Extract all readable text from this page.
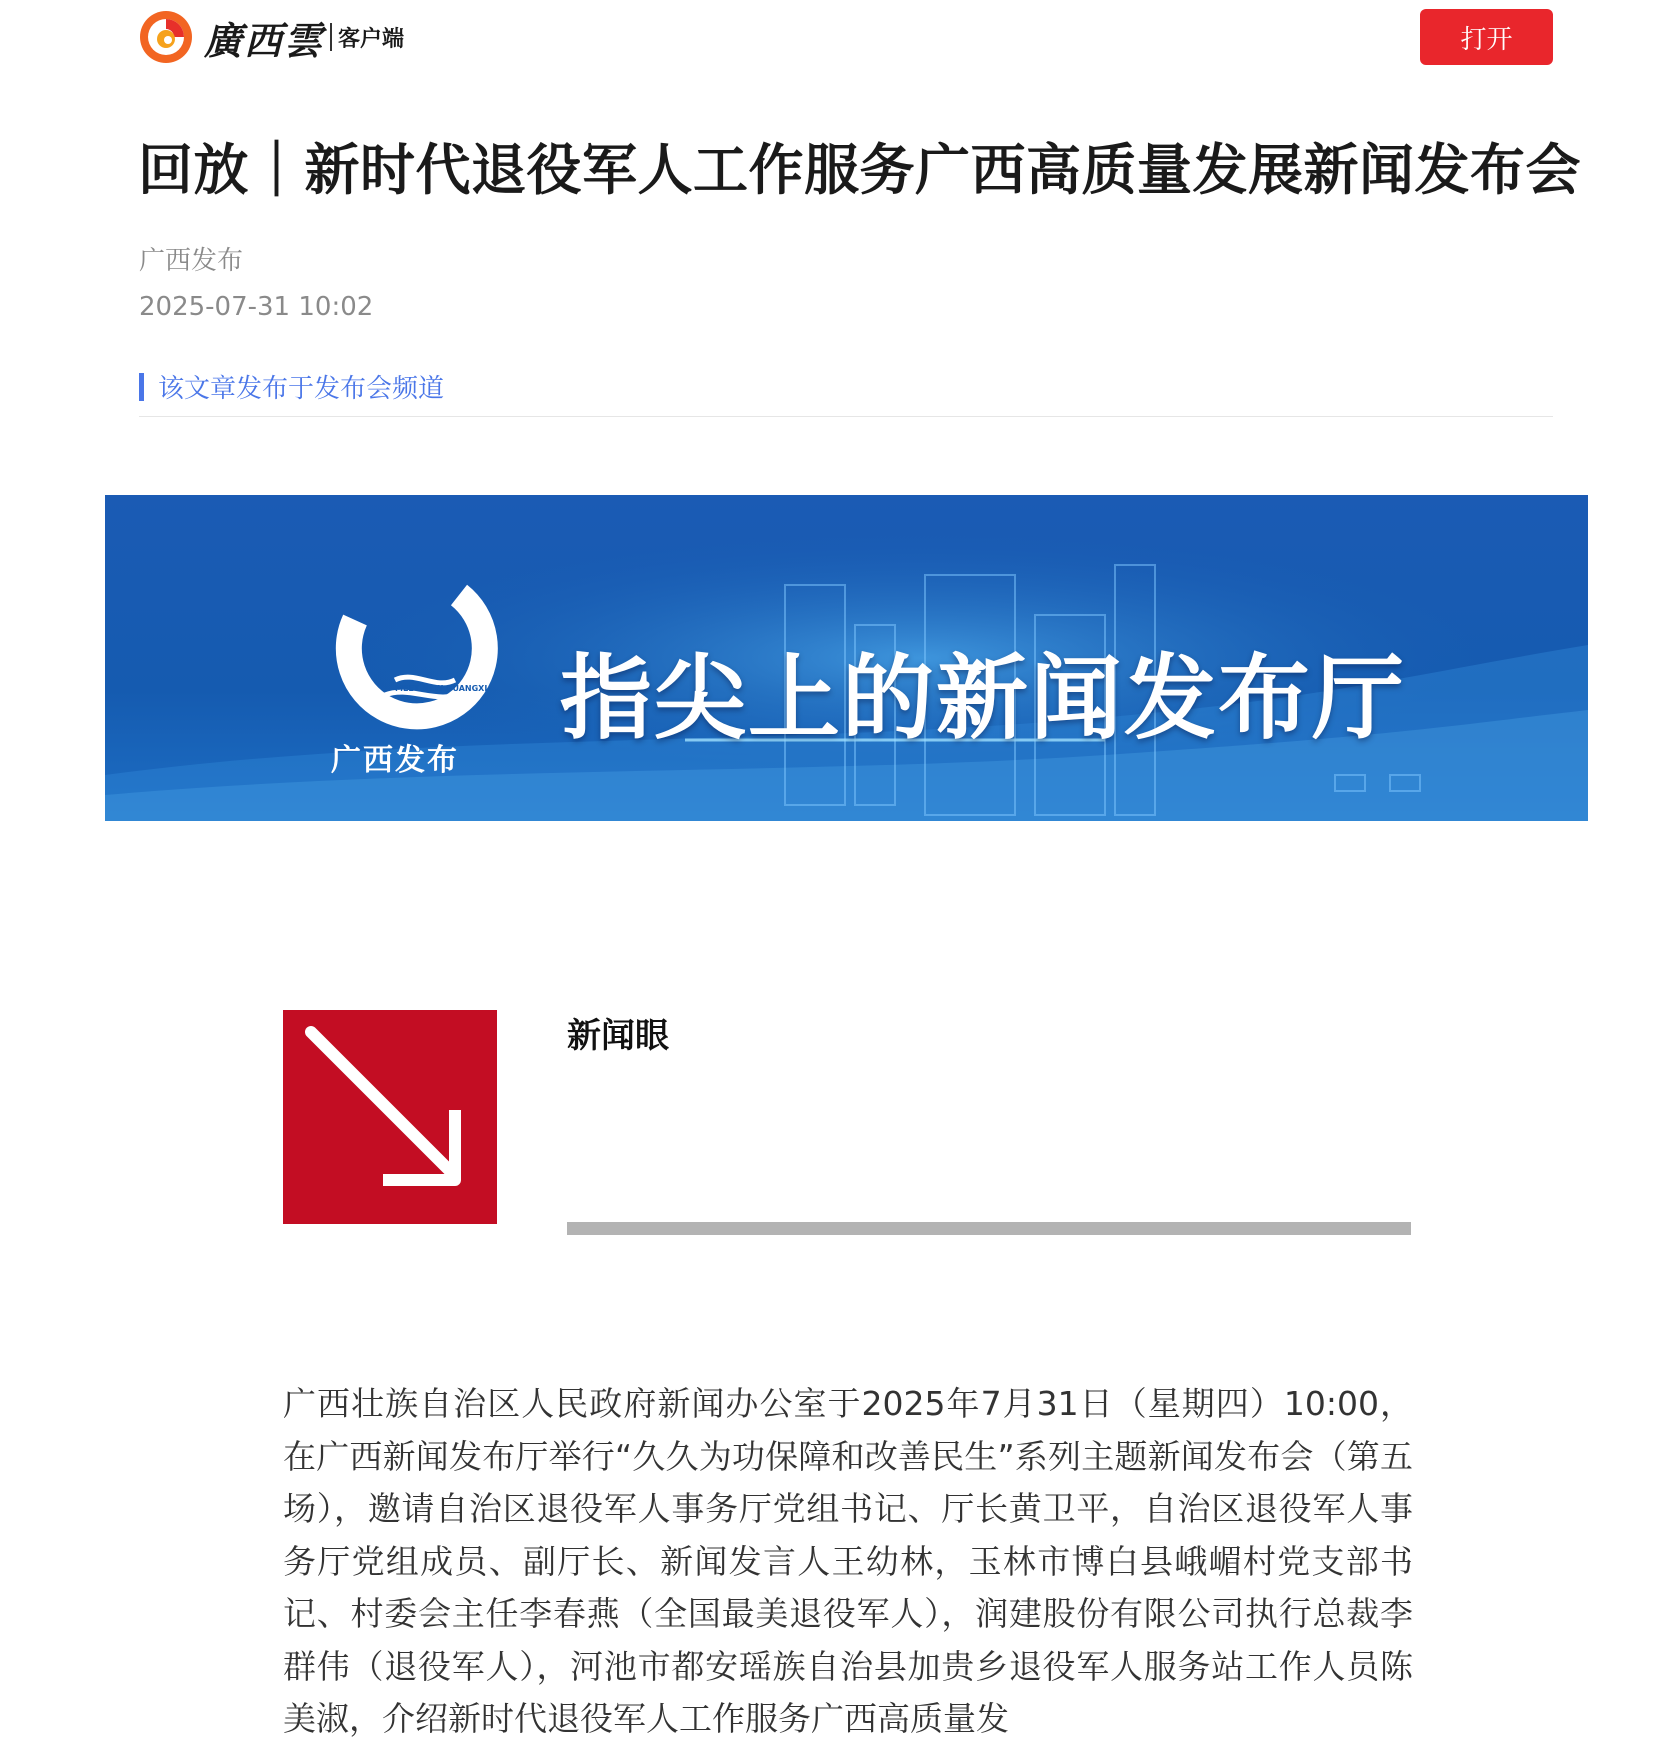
廣西雲 客户端	打开
回放｜新时代退役军人工作服务广西高质量发展新闻发布会
广西发布
2025-07-31 10:02
该文章发布于发布会频道
MEET NEW GUANGXI
广西发布
指尖上的新闻发布厅
新闻眼

广西壮族自治区人民政府新闻办公室于2025年7月31日（星期四）10:00，在广西新闻发布厅举行“久久为功保障和改善民生”系列主题新闻发布会（第五场），邀请自治区退役军人事务厅党组书记、厅长黄卫平，自治区退役军人事务厅党组成员、副厅长、新闻发言人王幼林，玉林市博白县峨嵋村党支部书记、村委会主任李春燕（全国最美退役军人），润建股份有限公司执行总裁李群伟（退役军人），河池市都安瑶族自治县加贵乡退役军人服务站工作人员陈美淑，介绍新时代退役军人工作服务广西高质量发
